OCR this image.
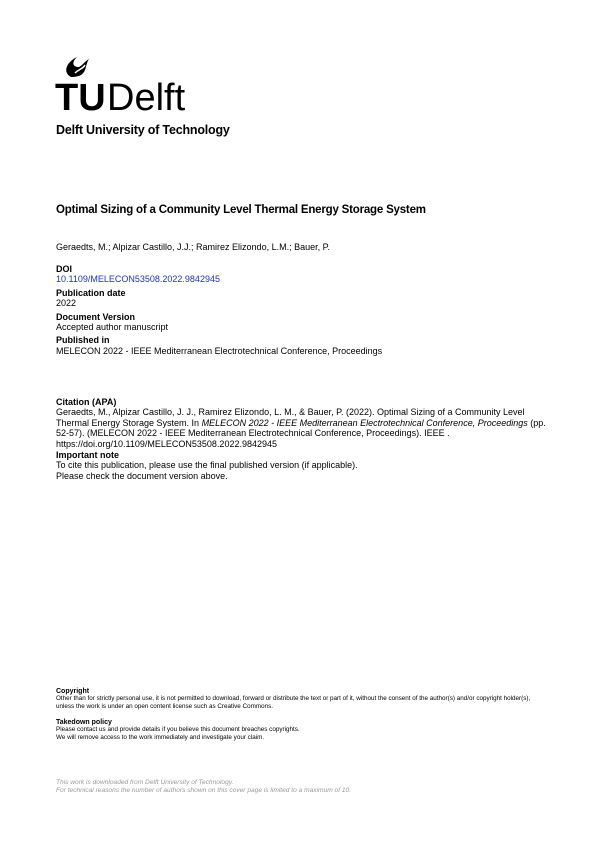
TU Delft
Delft University of Technology
Optimal Sizing of a Community Level Thermal Energy Storage System
Geraedts, M.; Alpizar Castillo, J.J.; Ramirez Elizondo, L.M.; Bauer, P.
DOI
10.1109/MELECON53508.2022.9842945
Publication date
2022
Document Version
Accepted author manuscript
Published in
MELECON 2022 - IEEE Mediterranean Electrotechnical Conference, Proceedings
Citation (APA)
Geraedts, M., Alpizar Castillo, J. J., Ramirez Elizondo, L. M., & Bauer, P. (2022). Optimal Sizing of a Community Level Thermal Energy Storage System. In MELECON 2022 - IEEE Mediterranean Electrotechnical Conference, Proceedings (pp. 52-57). (MELECON 2022 - IEEE Mediterranean Electrotechnical Conference, Proceedings). IEEE . https://doi.org/10.1109/MELECON53508.2022.9842945
Important note
To cite this publication, please use the final published version (if applicable).
Please check the document version above.
Copyright
Other than for strictly personal use, it is not permitted to download, forward or distribute the text or part of it, without the consent of the author(s) and/or copyright holder(s), unless the work is under an open content license such as Creative Commons.
Takedown policy
Please contact us and provide details if you believe this document breaches copyrights.
We will remove access to the work immediately and investigate your claim.
This work is downloaded from Delft University of Technology.
For technical reasons the number of authors shown on this cover page is limited to a maximum of 10.
